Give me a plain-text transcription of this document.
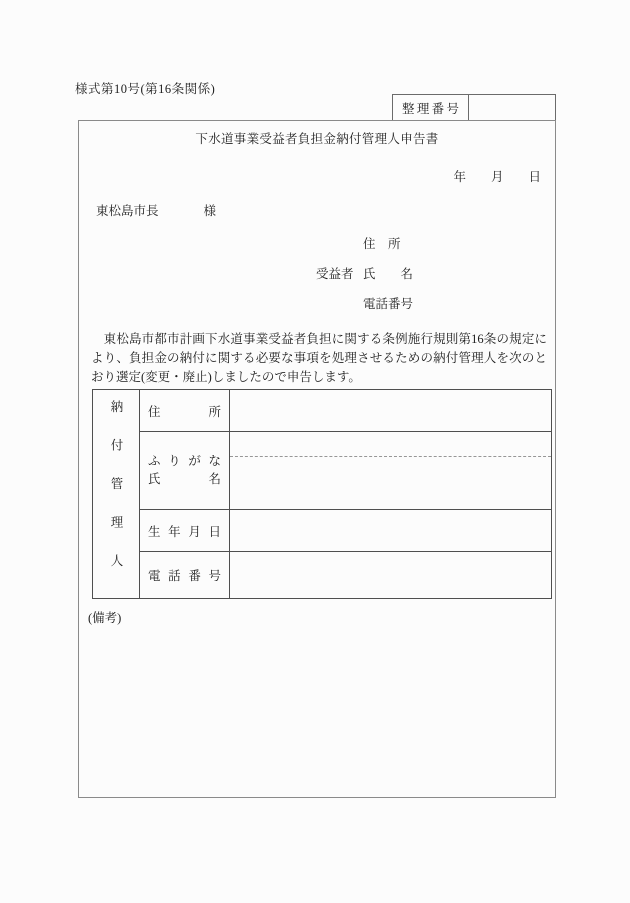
様式第10号(第16条関係)
整理番号
下水道事業受益者負担金納付管理人申告書
年　　月　　日
東松島市長	様
住　所
受益者 氏　　名
電話番号
　東松島市都市計画下水道事業受益者負担に関する条例施行規則第16条の規定により、負担金の納付に関する必要な事項を処理させるための納付管理人を次のとおり選定(変更・廃止)しましたので申告します。
納付管理人	住所	

	ふりがな
氏名	

	生年月日	

	電話番号	

(備考)
